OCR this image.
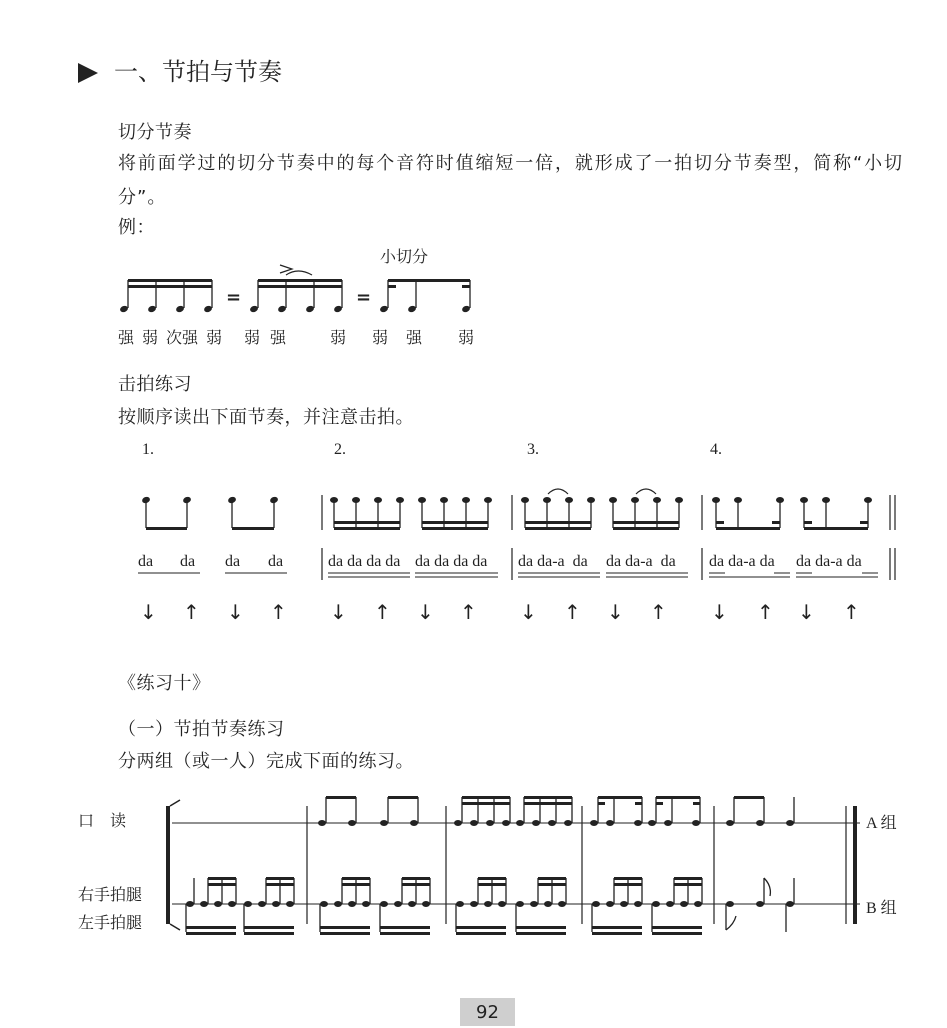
一、节拍与节奏
切分节奏
将前面学过的切分节奏中的每个音符时值缩短一倍，就形成了一拍切分节奏型，简称“小切分”。
例：
小切分
=	=
强 弱 次强 弱 弱 强	弱 弱 强 弱
击拍练习
按顺序读出下面节奏，并注意击拍。
1.	2.	3.	4.
da da da da	da da da da da da da da da da-a  da da da-a  da da da-a da da da-a da
↓ ↑ ↓ ↑ ↓ ↑ ↓ ↑ ↓ ↑ ↓ ↑ ↓ ↑ ↓ ↑
《练习十》
（一）节拍节奏练习
分两组（或一人）完成下面的练习。
口　读
右手拍腿
左手拍腿
A 组
B 组
92
